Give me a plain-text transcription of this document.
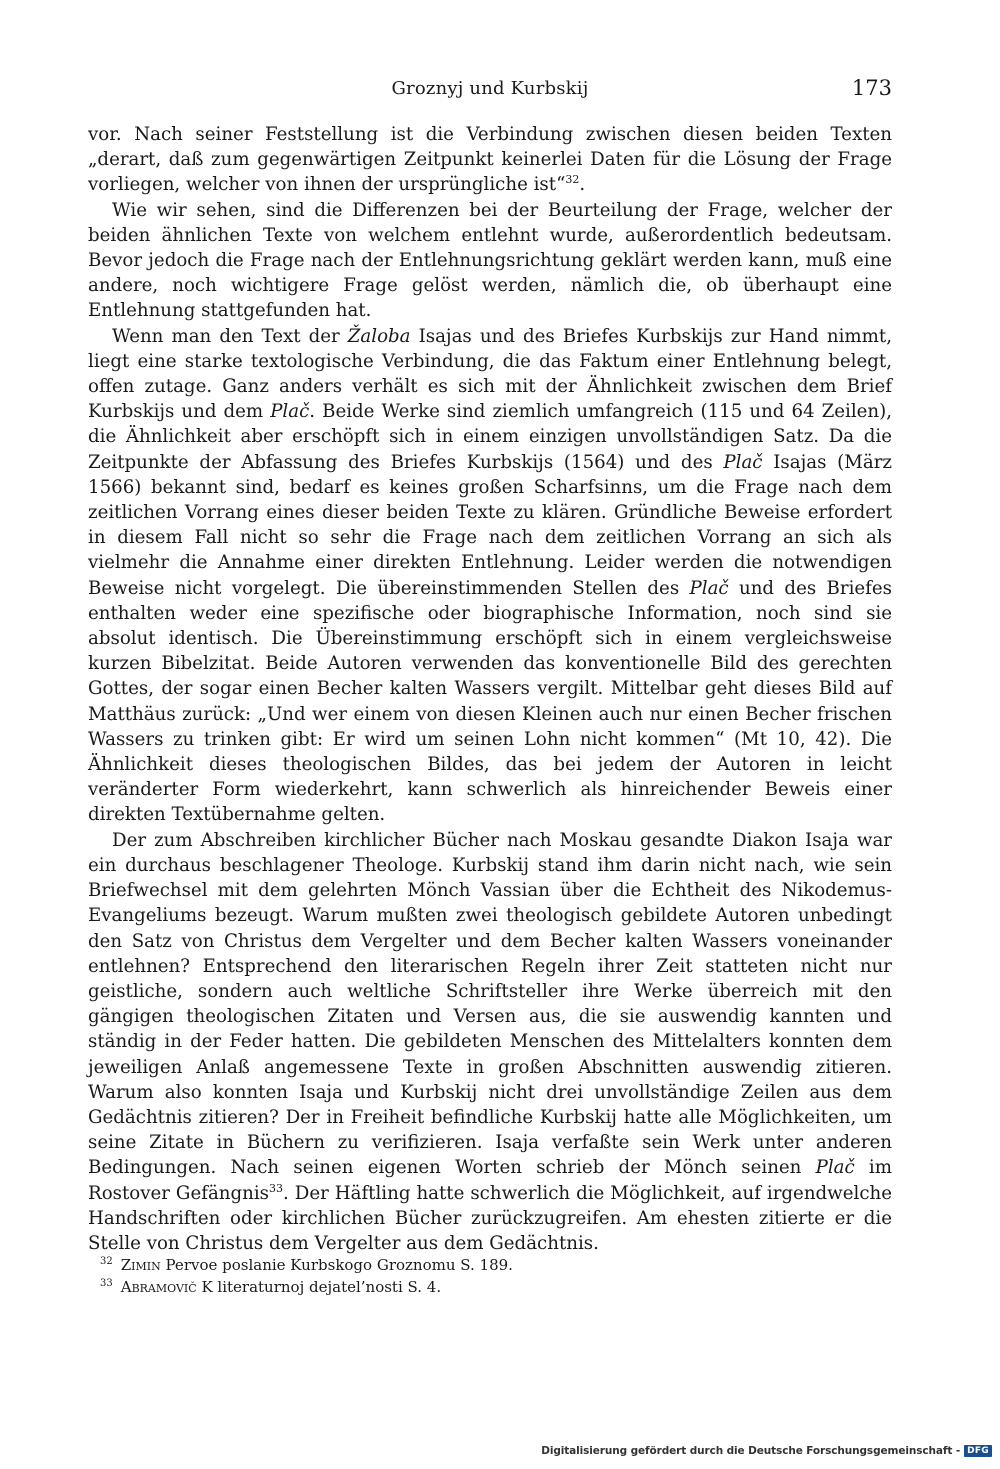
Groznyj und Kurbskij	173

vor. Nach seiner Feststellung ist die Verbindung zwischen diesen beiden Texten „derart, daß zum gegenwärtigen Zeitpunkt keinerlei Daten für die Lösung der Frage vorliegen, welcher von ihnen der ursprüngliche ist“$^{32}$.

Wie wir sehen, sind die Differenzen bei der Beurteilung der Frage, welcher der beiden ähnlichen Texte von welchem entlehnt wurde, außerordentlich bedeutsam. Bevor jedoch die Frage nach der Entlehnungsrichtung geklärt werden kann, muß eine andere, noch wichtigere Frage gelöst werden, nämlich die, ob überhaupt eine Entlehnung stattgefunden hat.

Wenn man den Text der Žaloba Isajas und des Briefes Kurbskijs zur Hand nimmt, liegt eine starke textologische Verbindung, die das Faktum einer Entlehnung belegt, offen zutage. Ganz anders verhält es sich mit der Ähnlichkeit zwischen dem Brief Kurbskijs und dem Plač. Beide Werke sind ziemlich umfangreich (115 und 64 Zeilen), die Ähnlichkeit aber erschöpft sich in einem einzigen unvollständigen Satz. Da die Zeitpunkte der Abfassung des Briefes Kurbskijs (1564) und des Plač Isajas (März 1566) bekannt sind, bedarf es keines großen Scharfsinns, um die Frage nach dem zeitlichen Vorrang eines dieser beiden Texte zu klären. Gründliche Beweise erfordert in diesem Fall nicht so sehr die Frage nach dem zeitlichen Vorrang an sich als vielmehr die Annahme einer direkten Entlehnung. Leider werden die notwendigen Beweise nicht vorgelegt. Die übereinstimmenden Stellen des Plač und des Briefes enthalten weder eine spezifische oder biographische Information, noch sind sie absolut identisch. Die Übereinstimmung erschöpft sich in einem vergleichsweise kurzen Bibelzitat. Beide Autoren verwenden das konventionelle Bild des gerechten Gottes, der sogar einen Becher kalten Wassers vergilt. Mittelbar geht dieses Bild auf Matthäus zurück: „Und wer einem von diesen Kleinen auch nur einen Becher frischen Wassers zu trinken gibt: Er wird um seinen Lohn nicht kommen“ (Mt 10, 42). Die Ähnlichkeit dieses theologischen Bildes, das bei jedem der Autoren in leicht veränderter Form wiederkehrt, kann schwerlich als hinreichender Beweis einer direkten Textübernahme gelten.

Der zum Abschreiben kirchlicher Bücher nach Moskau gesandte Diakon Isaja war ein durchaus beschlagener Theologe. Kurbskij stand ihm darin nicht nach, wie sein Briefwechsel mit dem gelehrten Mönch Vassian über die Echtheit des Nikodemus-Evangeliums bezeugt. Warum mußten zwei theologisch gebildete Autoren unbedingt den Satz von Christus dem Vergelter und dem Becher kalten Wassers voneinander entlehnen? Entsprechend den literarischen Regeln ihrer Zeit statteten nicht nur geistliche, sondern auch weltliche Schriftsteller ihre Werke überreich mit den gängigen theologischen Zitaten und Versen aus, die sie auswendig kannten und ständig in der Feder hatten. Die gebildeten Menschen des Mittelalters konnten dem jeweiligen Anlaß angemessene Texte in großen Abschnitten auswendig zitieren. Warum also konnten Isaja und Kurbskij nicht drei unvollständige Zeilen aus dem Gedächtnis zitieren? Der in Freiheit befindliche Kurbskij hatte alle Möglichkeiten, um seine Zitate in Büchern zu verifizieren. Isaja verfaßte sein Werk unter anderen Bedingungen. Nach seinen eigenen Worten schrieb der Mönch seinen Plač im Rostover Gefängnis$^{33}$. Der Häftling hatte schwerlich die Möglichkeit, auf irgendwelche Handschriften oder kirchlichen Bücher zurückzugreifen. Am ehesten zitierte er die Stelle von Christus dem Vergelter aus dem Gedächtnis.

$^{32}$ Zimin Pervoe poslanie Kurbskogo Groznomu S. 189.
$^{33}$ Abramovič K literaturnoj dejatel’nosti S. 4.
Digitalisierung gefördert durch die Deutsche Forschungsgemeinschaft - DFG
